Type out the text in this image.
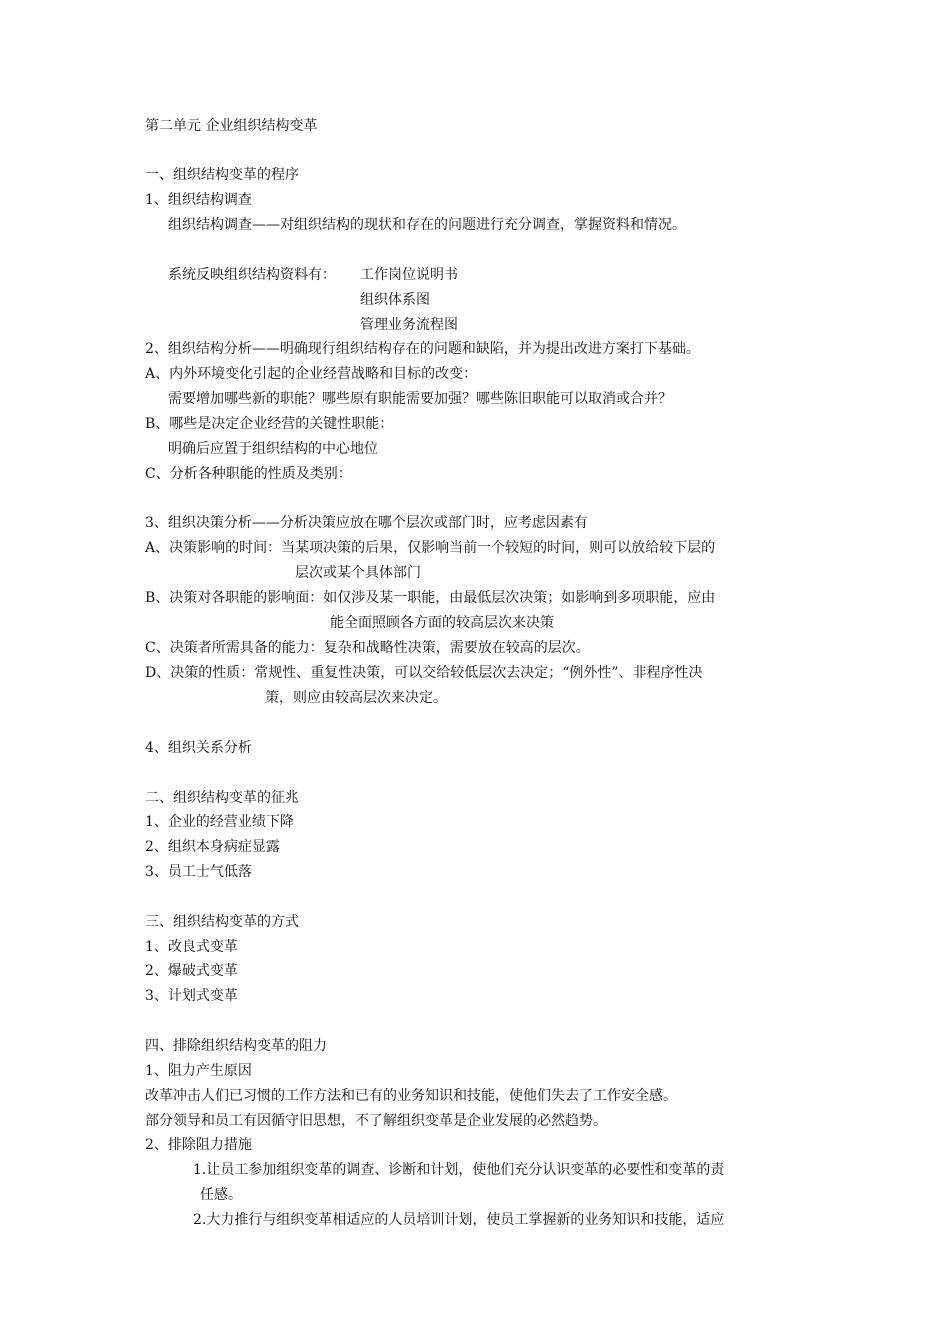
第二单元 企业组织结构变革
一、组织结构变革的程序
1、组织结构调查
组织结构调查——对组织结构的现状和存在的问题进行充分调查，掌握资料和情况。
系统反映组织结构资料有： 工作岗位说明书
组织体系图
管理业务流程图
2、组织结构分析——明确现行组织结构存在的问题和缺陷，并为提出改进方案打下基础。
A、内外环境变化引起的企业经营战略和目标的改变：
需要增加哪些新的职能？哪些原有职能需要加强？哪些陈旧职能可以取消或合并？
B、哪些是决定企业经营的关键性职能：
明确后应置于组织结构的中心地位
C、分析各种职能的性质及类别：
3、组织决策分析——分析决策应放在哪个层次或部门时，应考虑因素有
A、决策影响的时间：当某项决策的后果，仅影响当前一个较短的时间，则可以放给较下层的
层次或某个具体部门
B、决策对各职能的影响面：如仅涉及某一职能，由最低层次决策；如影响到多项职能，应由
能全面照顾各方面的较高层次来决策
C、决策者所需具备的能力：复杂和战略性决策，需要放在较高的层次。
D、决策的性质：常规性、重复性决策，可以交给较低层次去决定；“例外性”、非程序性决
策，则应由较高层次来决定。
4、组织关系分析
二、组织结构变革的征兆
1、企业的经营业绩下降
2、组织本身病症显露
3、员工士气低落
三、组织结构变革的方式
1、改良式变革
2、爆破式变革
3、计划式变革
四、排除组织结构变革的阻力
1、阻力产生原因
改革冲击人们已习惯的工作方法和已有的业务知识和技能，使他们失去了工作安全感。
部分领导和员工有因循守旧思想，不了解组织变革是企业发展的必然趋势。
2、排除阻力措施
1.让员工参加组织变革的调查、诊断和计划，使他们充分认识变革的必要性和变革的责
任感。
2.大力推行与组织变革相适应的人员培训计划，使员工掌握新的业务知识和技能，适应
